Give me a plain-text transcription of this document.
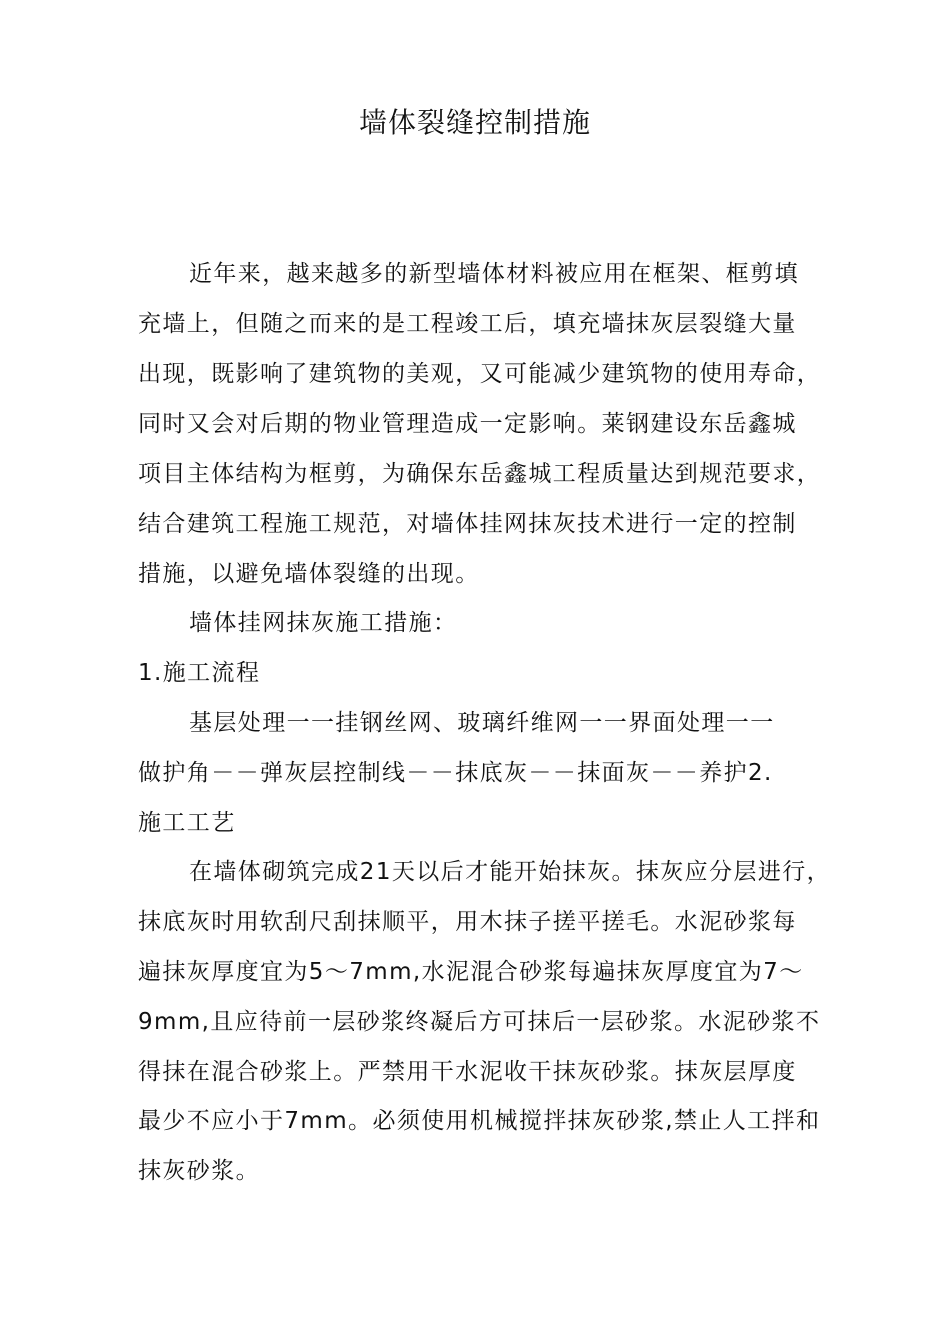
墙体裂缝控制措施
近年来，越来越多的新型墙体材料被应用在框架、框剪填
充墙上，但随之而来的是工程竣工后，填充墙抹灰层裂缝大量
出现，既影响了建筑物的美观，又可能减少建筑物的使用寿命，
同时又会对后期的物业管理造成一定影响。莱钢建设东岳鑫城
项目主体结构为框剪，为确保东岳鑫城工程质量达到规范要求，
结合建筑工程施工规范，对墙体挂网抹灰技术进行一定的控制
措施，以避免墙体裂缝的出现。
墙体挂网抹灰施工措施：
1.施工流程
基层处理一一挂钢丝网、玻璃纤维网一一界面处理一一
做护角－－弹灰层控制线－－抹底灰－－抹面灰－－养护2.
施工工艺
在墙体砌筑完成21天以后才能开始抹灰。抹灰应分层进行，
抹底灰时用软刮尺刮抹顺平，用木抹子搓平搓毛。水泥砂浆每
遍抹灰厚度宜为5～7mm,水泥混合砂浆每遍抹灰厚度宜为7～
9mm,且应待前一层砂浆终凝后方可抹后一层砂浆。水泥砂浆不
得抹在混合砂浆上。严禁用干水泥收干抹灰砂浆。抹灰层厚度
最少不应小于7mm。必须使用机械搅拌抹灰砂浆,禁止人工拌和
抹灰砂浆。
